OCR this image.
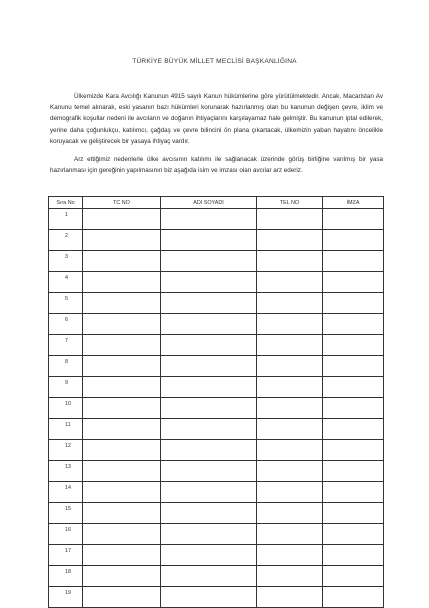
TÜRKİYE BÜYÜK MİLLET MECLİSİ BAŞKANLIĞINA

Ülkemizde Kara Avcılığı Kanunun 4915 sayılı Kanun hükümlerine göre yürütülmektedir. Ancak, Macaristan Av Kanunu temel alınarak, eski yasanın bazı hükümleri korunarak hazırlanmış olan bu kanunun değişen çevre, iklim ve demografik koşullar nedeni ile avcıların ve doğanın ihtiyaçlarını karşılayamaz hale gelmiştir. Bu kanunun iptal edilerek, yerine daha çoğunlukçu, katılımcı, çağdaş ve çevre bilincini ön plana çıkartacak, ülkemizin yaban hayatını öncelikle koruyacak ve geliştirecek bir yasaya ihtiyaç vardır.

Arz ettiğimiz nedenlerle ülke avcısının katılımı ile sağlanacak üzerinde görüş birliğine varılmış bir yasa hazırlanması için gereğinin yapılmasının biz aşağıda isim ve imzası olan avcılar arz ederiz.

Sıra No	TC NO	ADI SOYADI	TEL NO	İMZA
1				
2				
3				
4				
5				
6				
7				
8				
9				
10				
11				
12				
13				
14				
15				
16				
17				
18				
19				
